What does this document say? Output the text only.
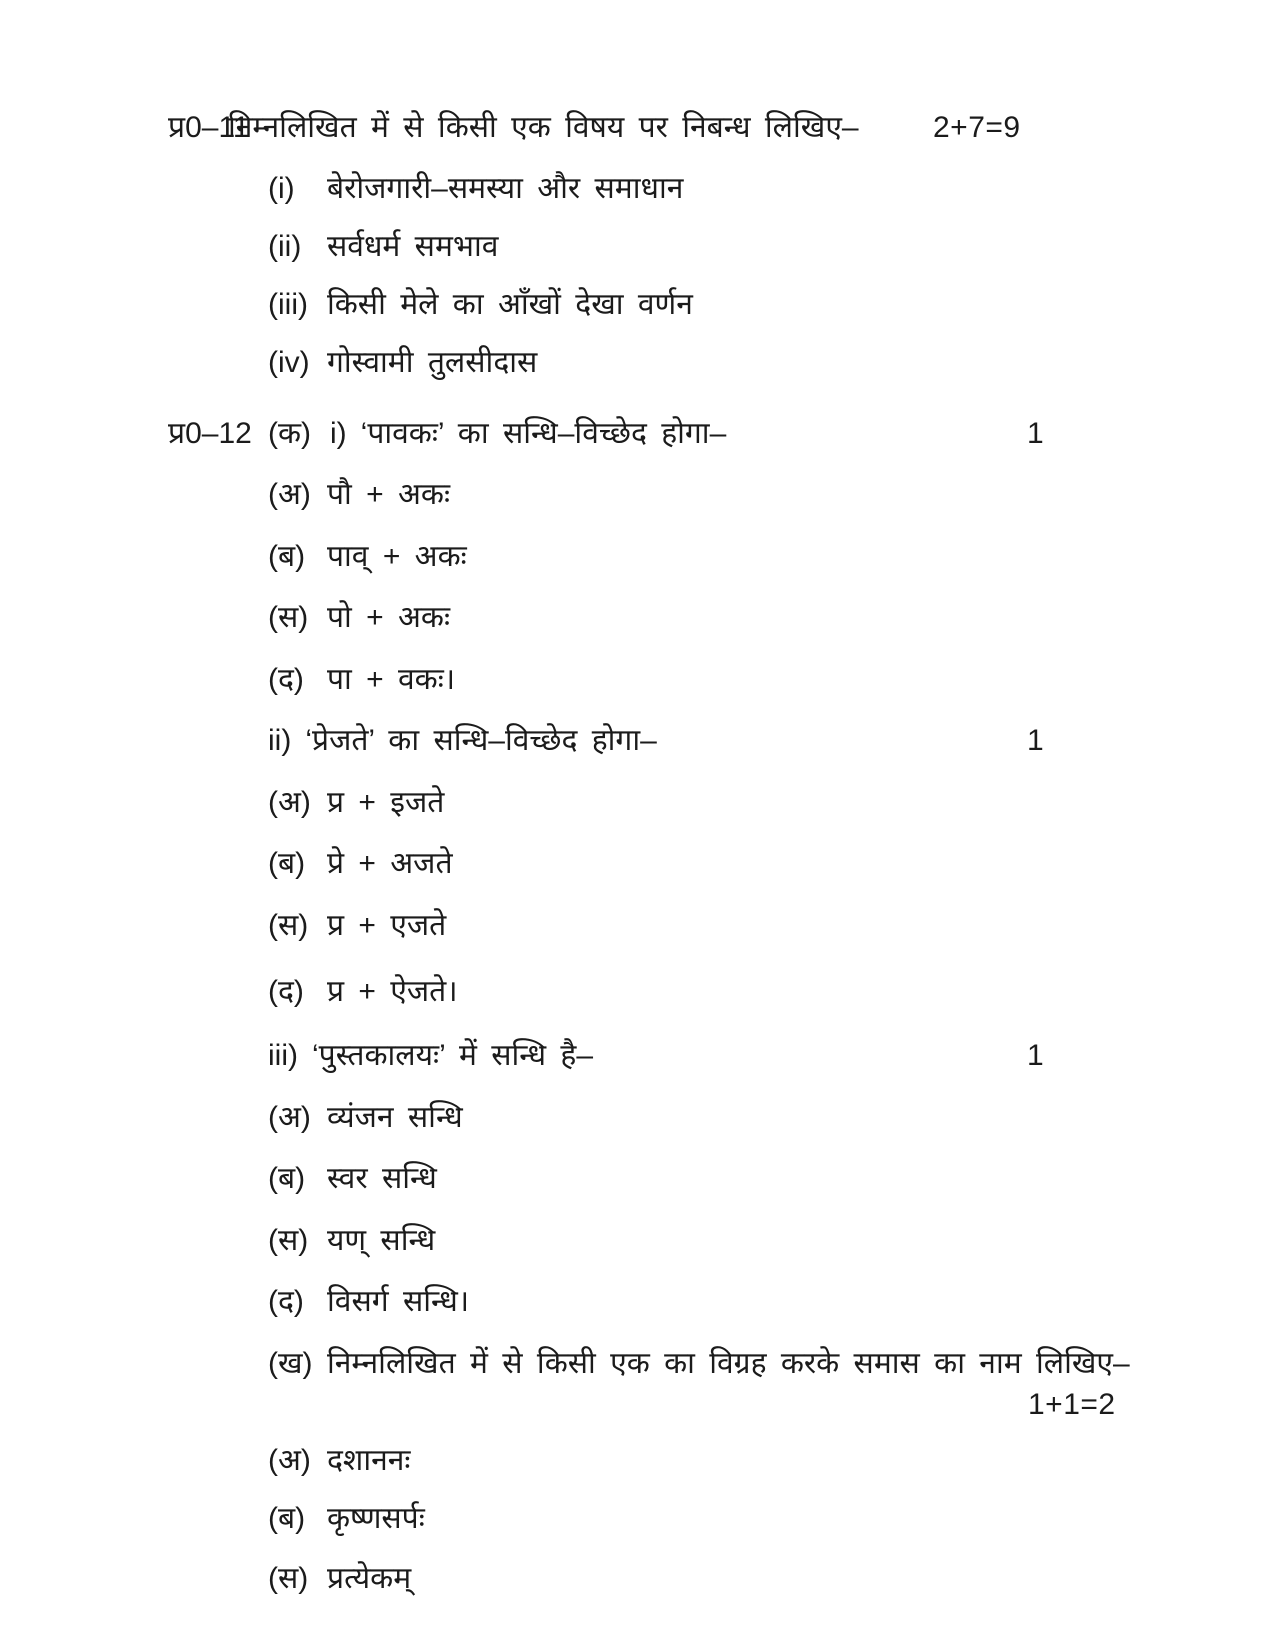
प्र0–11
निम्नलिखित में से किसी एक विषय पर निबन्ध लिखिए– 2+7=9
(i) बेरोजगारी–समस्या और समाधान
(ii) सर्वधर्म समभाव
(iii) किसी मेले का आँखों देखा वर्णन
(iv) गोस्वामी तुलसीदास
प्र0–12 (क) i) ‘पावकः’ का सन्धि–विच्छेद होगा–	1
(अ) पौ + अकः
(ब) पाव् + अकः
(स) पो + अकः
(द) पा + वकः।
ii) ‘प्रेजते’ का सन्धि–विच्छेद होगा–	1
(अ) प्र + इजते
(ब) प्रे + अजते
(स) प्र + एजते
(द) प्र + ऐजते।
iii) ‘पुस्तकालयः’ में सन्धि है–	1
(अ) व्यंजन सन्धि
(ब) स्वर सन्धि
(स) यण् सन्धि
(द) विसर्ग सन्धि।
(ख) निम्नलिखित में से किसी एक का विग्रह करके समास का नाम लिखिए–
1+1=2
(अ) दशाननः
(ब) कृष्णसर्पः
(स) प्रत्येकम्
